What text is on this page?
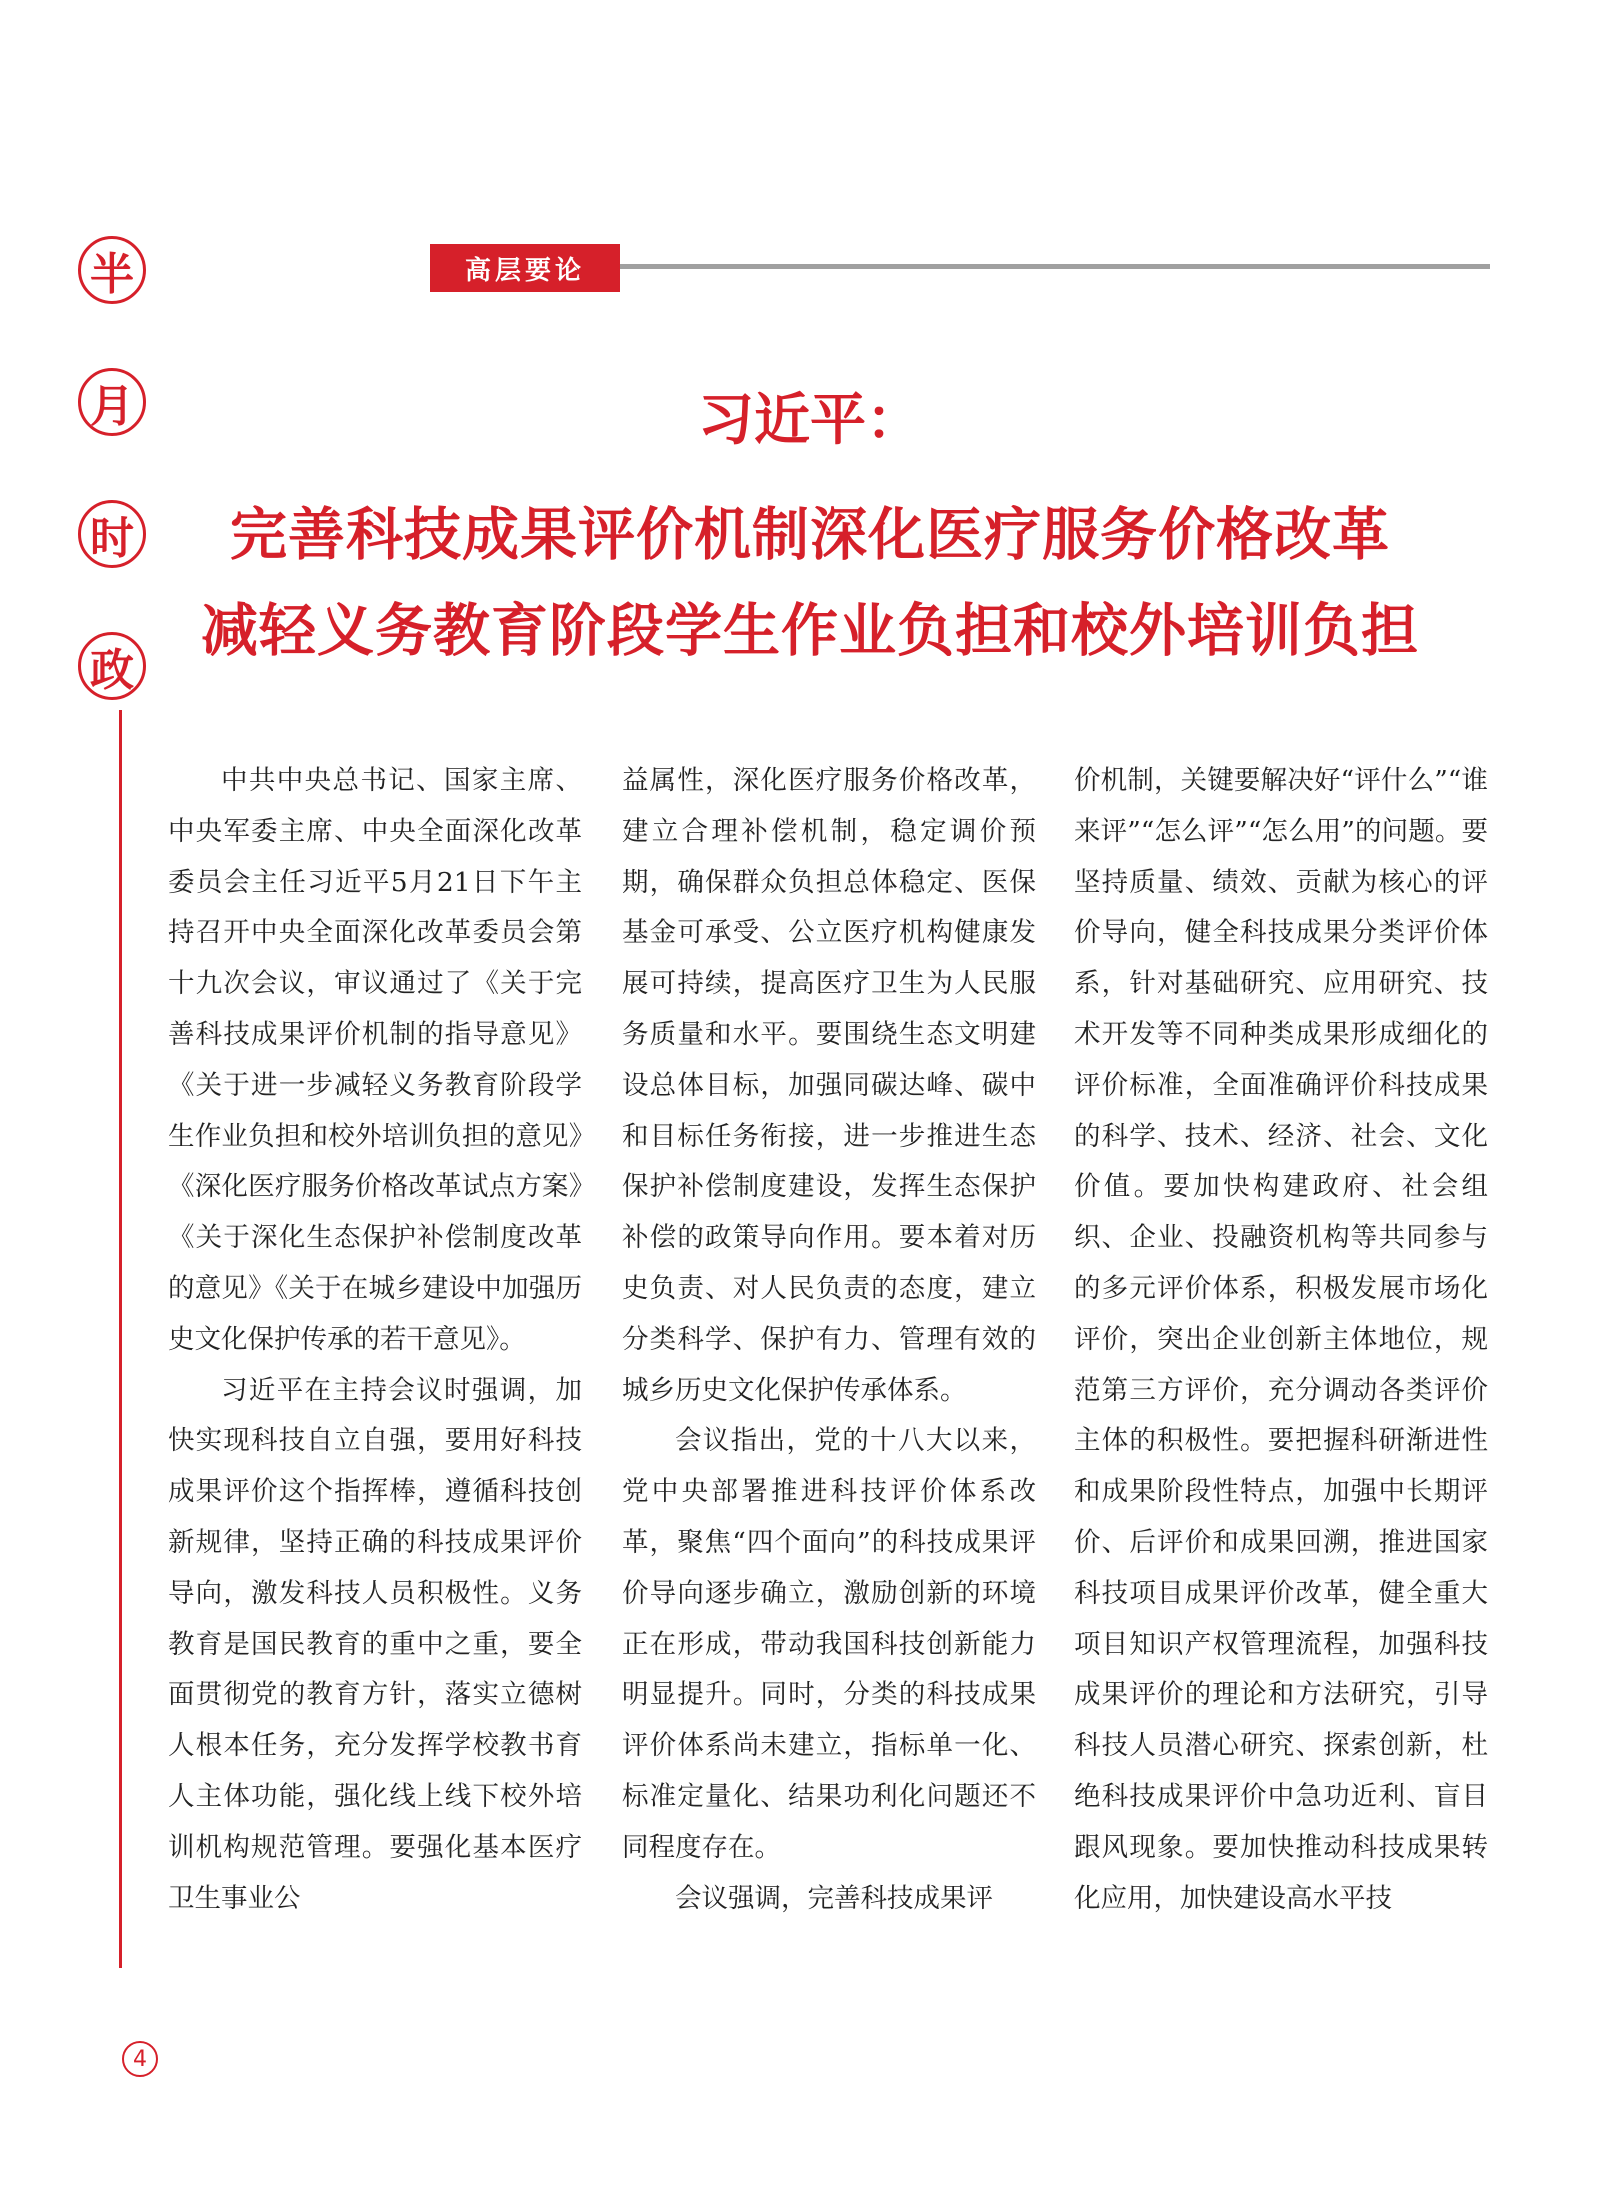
半
月
时
政
高层要论
习近平：
完善科技成果评价机制深化医疗服务价格改革
减轻义务教育阶段学生作业负担和校外培训负担

中共中央总书记、国家主席、中央军委主席、中央全面深化改革委员会主任习近平5月21日下午主持召开中央全面深化改革委员会第十九次会议，审议通过了《关于完善科技成果评价机制的指导意见》《关于进一步减轻义务教育阶段学生作业负担和校外培训负担的意见》《深化医疗服务价格改革试点方案》《关于深化生态保护补偿制度改革的意见》《关于在城乡建设中加强历史文化保护传承的若干意见》。

习近平在主持会议时强调，加快实现科技自立自强，要用好科技成果评价这个指挥棒，遵循科技创新规律，坚持正确的科技成果评价导向，激发科技人员积极性。义务教育是国民教育的重中之重，要全面贯彻党的教育方针，落实立德树人根本任务，充分发挥学校教书育人主体功能，强化线上线下校外培训机构规范管理。要强化基本医疗卫生事业公

益属性，深化医疗服务价格改革，建立合理补偿机制，稳定调价预期，确保群众负担总体稳定、医保基金可承受、公立医疗机构健康发展可持续，提高医疗卫生为人民服务质量和水平。要围绕生态文明建设总体目标，加强同碳达峰、碳中和目标任务衔接，进一步推进生态保护补偿制度建设，发挥生态保护补偿的政策导向作用。要本着对历史负责、对人民负责的态度，建立分类科学、保护有力、管理有效的城乡历史文化保护传承体系。

会议指出，党的十八大以来，党中央部署推进科技评价体系改革，聚焦“四个面向”的科技成果评价导向逐步确立，激励创新的环境正在形成，带动我国科技创新能力明显提升。同时，分类的科技成果评价体系尚未建立，指标单一化、标准定量化、结果功利化问题还不同程度存在。

会议强调，完善科技成果评

价机制，关键要解决好“评什么”“谁来评”“怎么评”“怎么用”的问题。要坚持质量、绩效、贡献为核心的评价导向，健全科技成果分类评价体系，针对基础研究、应用研究、技术开发等不同种类成果形成细化的评价标准，全面准确评价科技成果的科学、技术、经济、社会、文化价值。要加快构建政府、社会组织、企业、投融资机构等共同参与的多元评价体系，积极发展市场化评价，突出企业创新主体地位，规范第三方评价，充分调动各类评价主体的积极性。要把握科研渐进性和成果阶段性特点，加强中长期评价、后评价和成果回溯，推进国家科技项目成果评价改革，健全重大项目知识产权管理流程，加强科技成果评价的理论和方法研究，引导科技人员潜心研究、探索创新，杜绝科技成果评价中急功近利、盲目跟风现象。要加快推动科技成果转化应用，加快建设高水平技

4
